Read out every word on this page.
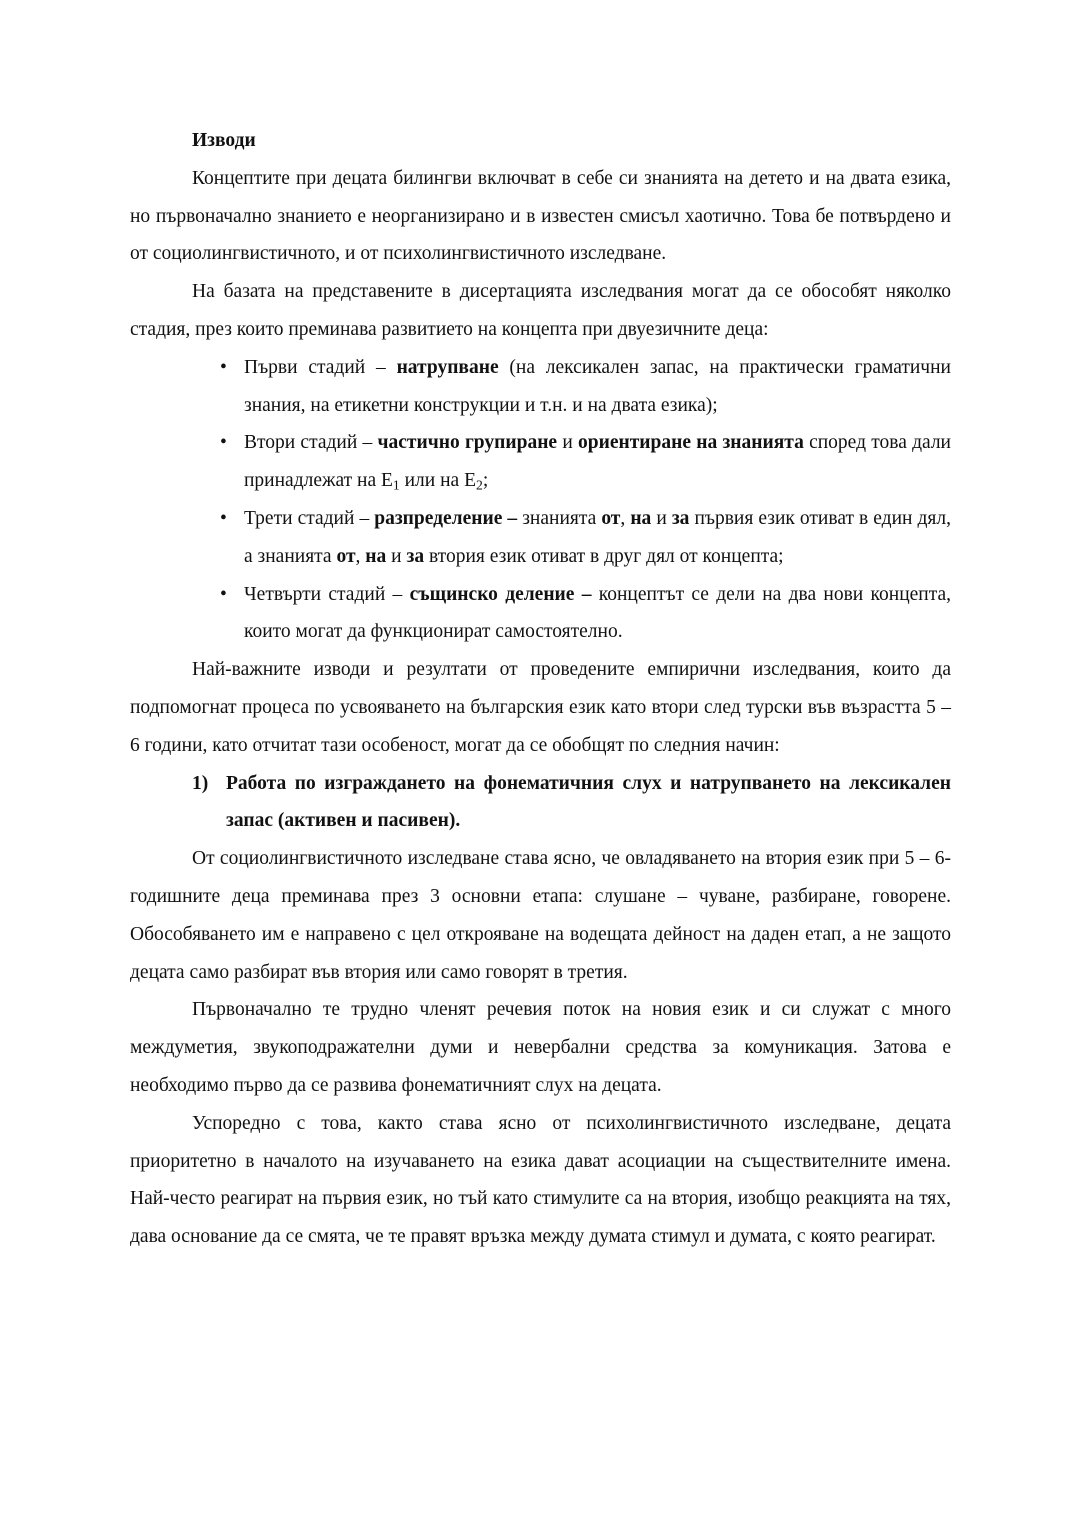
Изводи

Концептите при децата билингви включват в себе си знанията на детето и на двата езика, но първоначално знанието е неорганизирано и в известен смисъл хаотично. Това бе потвърдено и от социолингвистичното, и от психолингвистичното изследване.

На базата на представените в дисертацията изследвания могат да се обособят няколко стадия, през които преминава развитието на концепта при двуезичните деца:

• Първи стадий – натрупване (на лексикален запас, на практически граматични знания, на етикетни конструкции и т.н. и на двата езика);
• Втори стадий – частично групиране и ориентиране на знанията според това дали принадлежат на $Е_1$ или на $Е_2$;
• Трети стадий – разпределение – знанията от, на и за първия език отиват в един дял, а знанията от, на и за втория език отиват в друг дял от концепта;
• Четвърти стадий – същинско деление – концептът се дели на два нови концепта, които могат да функционират самостоятелно.

Най-важните изводи и резултати от проведените емпирични изследвания, които да подпомогнат процеса по усвояването на българския език като втори след турски във възрастта 5 – 6 години, като отчитат тази особеност, могат да се обобщят по следния начин:

1) Работа по изграждането на фонематичния слух и натрупването на лексикален запас (активен и пасивен).

От социолингвистичното изследване става ясно, че овладяването на втория език при 5 – 6-годишните деца преминава през 3 основни етапа: слушане – чуване, разбиране, говорене. Обособяването им е направено с цел открояване на водещата дейност на даден етап, а не защото децата само разбират във втория или само говорят в третия.

Първоначално те трудно членят речевия поток на новия език и си служат с много междуметия, звукоподражателни думи и невербални средства за комуникация. Затова е необходимо първо да се развива фонематичният слух на децата.

Успоредно с това, както става ясно от психолингвистичното изследване, децата приоритетно в началото на изучаването на езика дават асоциации на съществителните имена. Най-често реагират на първия език, но тъй като стимулите са на втория, изобщо реакцията на тях, дава основание да се смята, че те правят връзка между думата стимул и думата, с която реагират.
